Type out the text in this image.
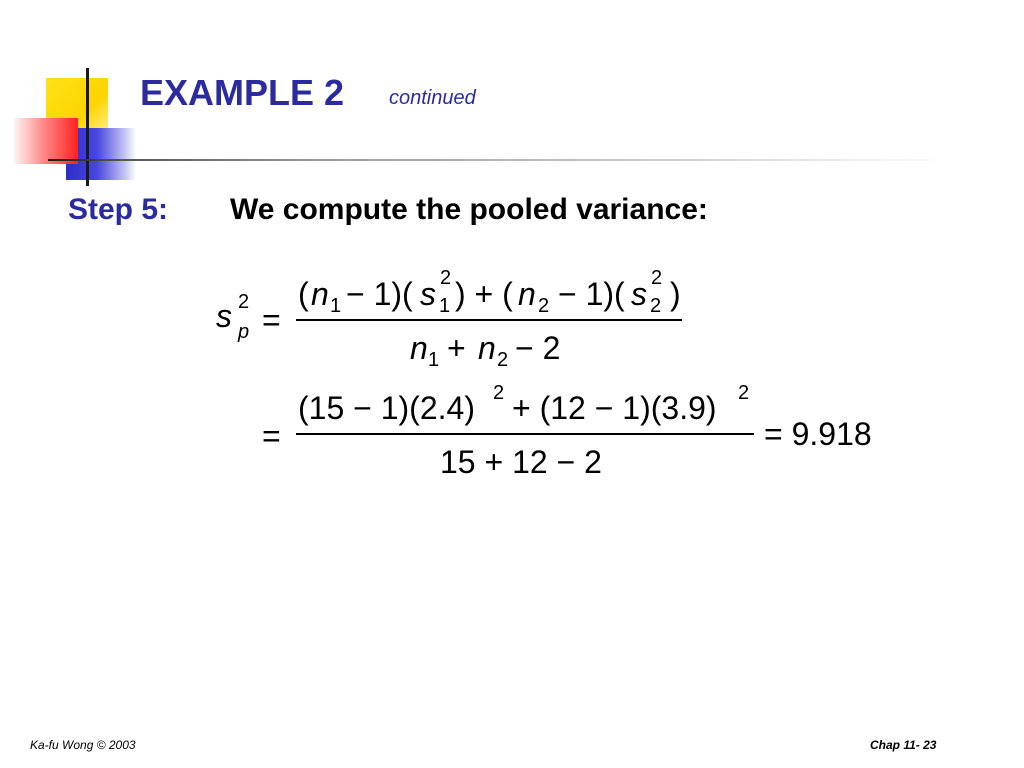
EXAMPLE 2 continued
Step 5: We compute the pooled variance:
s 2
p =
( n 1 − 1)( s 2
1 ) + ( n 2 − 1)( s 2
2 )
n 1 + n 2 − 2
=
(15 − 1)(2.4) 2 + (12 − 1)(3.9) 2
15 + 12 − 2
= 9.918
Ka-fu Wong © 2003	Chap 11- 23
